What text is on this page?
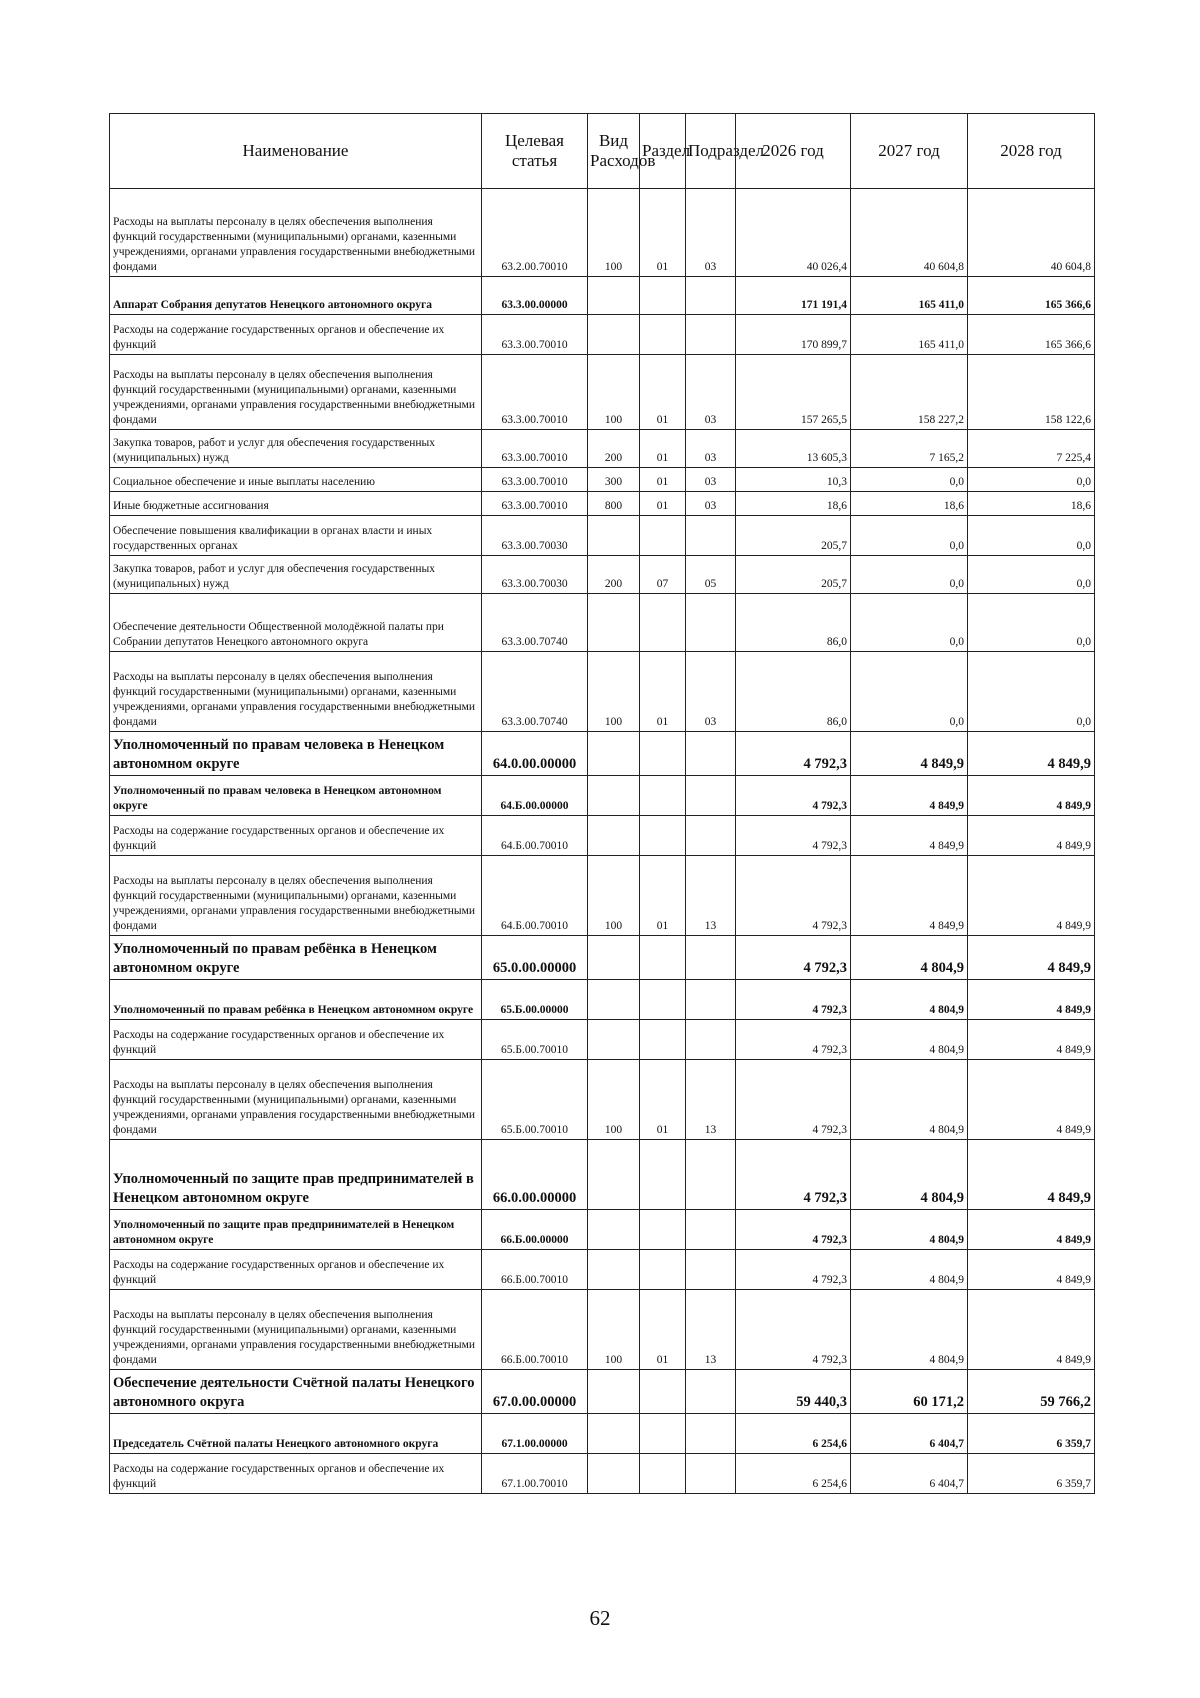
Наименование	Целевая статья	Вид Расходов	Раздел	Подраздел	2026 год	2027 год	2028 год
Расходы на выплаты персоналу в целях обеспечения выполнения функций государственными (муниципальными) органами, казенными учреждениями, органами управления государственными внебюджетными фондами	63.2.00.70010	100	01	03	40 026,4	40 604,8	40 604,8
Аппарат Собрания депутатов Ненецкого автономного округа	63.3.00.00000				171 191,4	165 411,0	165 366,6
Расходы на содержание государственных органов и обеспечение их функций	63.3.00.70010				170 899,7	165 411,0	165 366,6
Расходы на выплаты персоналу в целях обеспечения выполнения функций государственными (муниципальными) органами, казенными учреждениями, органами управления государственными внебюджетными фондами	63.3.00.70010	100	01	03	157 265,5	158 227,2	158 122,6
Закупка товаров, работ и услуг для обеспечения государственных (муниципальных) нужд	63.3.00.70010	200	01	03	13 605,3	7 165,2	7 225,4
Социальное обеспечение и иные выплаты населению	63.3.00.70010	300	01	03	10,3	0,0	0,0
Иные бюджетные ассигнования	63.3.00.70010	800	01	03	18,6	18,6	18,6
Обеспечение повышения квалификации в органах власти и иных государственных органах	63.3.00.70030				205,7	0,0	0,0
Закупка товаров, работ и услуг для обеспечения государственных (муниципальных) нужд	63.3.00.70030	200	07	05	205,7	0,0	0,0
Обеспечение деятельности Общественной молодёжной палаты при Собрании депутатов Ненецкого автономного округа	63.3.00.70740				86,0	0,0	0,0
Расходы на выплаты персоналу в целях обеспечения выполнения функций государственными (муниципальными) органами, казенными учреждениями, органами управления государственными внебюджетными фондами	63.3.00.70740	100	01	03	86,0	0,0	0,0
Уполномоченный по правам человека в Ненецком автономном округе	64.0.00.00000				4 792,3	4 849,9	4 849,9
Уполномоченный по правам человека в Ненецком автономном округе	64.Б.00.00000				4 792,3	4 849,9	4 849,9
Расходы на содержание государственных органов и обеспечение их функций	64.Б.00.70010				4 792,3	4 849,9	4 849,9
Расходы на выплаты персоналу в целях обеспечения выполнения функций государственными (муниципальными) органами, казенными учреждениями, органами управления государственными внебюджетными фондами	64.Б.00.70010	100	01	13	4 792,3	4 849,9	4 849,9
Уполномоченный по правам ребёнка в Ненецком автономном округе	65.0.00.00000				4 792,3	4 804,9	4 849,9
Уполномоченный по правам ребёнка в Ненецком автономном округе	65.Б.00.00000				4 792,3	4 804,9	4 849,9
Расходы на содержание государственных органов и обеспечение их функций	65.Б.00.70010				4 792,3	4 804,9	4 849,9
Расходы на выплаты персоналу в целях обеспечения выполнения функций государственными (муниципальными) органами, казенными учреждениями, органами управления государственными внебюджетными фондами	65.Б.00.70010	100	01	13	4 792,3	4 804,9	4 849,9
Уполномоченный по защите прав предпринимателей в Ненецком автономном округе	66.0.00.00000				4 792,3	4 804,9	4 849,9
Уполномоченный по защите прав предпринимателей в Ненецком автономном округе	66.Б.00.00000				4 792,3	4 804,9	4 849,9
Расходы на содержание государственных органов и обеспечение их функций	66.Б.00.70010				4 792,3	4 804,9	4 849,9
Расходы на выплаты персоналу в целях обеспечения выполнения функций государственными (муниципальными) органами, казенными учреждениями, органами управления государственными внебюджетными фондами	66.Б.00.70010	100	01	13	4 792,3	4 804,9	4 849,9
Обеспечение деятельности Счётной палаты Ненецкого автономного округа	67.0.00.00000				59 440,3	60 171,2	59 766,2
Председатель Счётной палаты Ненецкого автономного округа	67.1.00.00000				6 254,6	6 404,7	6 359,7
Расходы на содержание государственных органов и обеспечение их функций	67.1.00.70010				6 254,6	6 404,7	6 359,7
62
